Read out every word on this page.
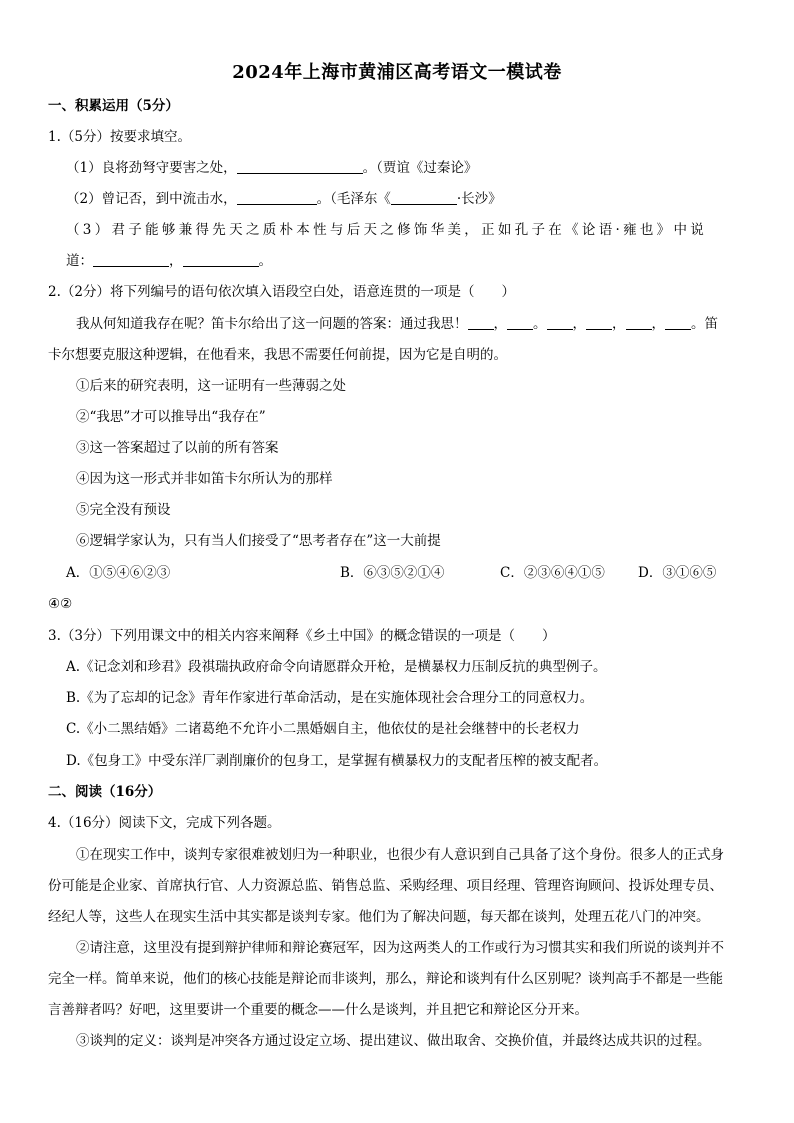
2024年上海市黄浦区高考语文一模试卷
一、积累运用（5分）
1.（5分）按要求填空。
（1）良将劲弩守要害之处，	。（贾谊《过秦论》
（2）曾记否，到中流击水，	。（毛泽东《	·长沙》
（3）君子能够兼得先天之质朴本性与后天之修饰华美，正如孔子在《论语·雍也》中说
道：	，	。
2.（2分）将下列编号的语句依次填入语段空白处，语意连贯的一项是（　　）
我从何知道我存在呢？笛卡尔给出了这一问题的答案：通过我思！ ， 。 ， ， ， 。笛
卡尔想要克服这种逻辑，在他看来，我思不需要任何前提，因为它是自明的。
①后来的研究表明，这一证明有一些薄弱之处
②“我思”才可以推导出“我存在”
③这一答案超过了以前的所有答案
④因为这一形式并非如笛卡尔所认为的那样
⑤完全没有预设
⑥逻辑学家认为，只有当人们接受了“思考者存在”这一大前提
A．①⑤④⑥②③	B．⑥③⑤②①④	C．②③⑥④①⑤ D．③①⑥⑤
④②
3.（3分）下列用课文中的相关内容来阐释《乡土中国》的概念错误的一项是（　　）
A.《记念刘和珍君》段祺瑞执政府命令向请愿群众开枪，是横暴权力压制反抗的典型例子。
B.《为了忘却的记念》青年作家进行革命活动，是在实施体现社会合理分工的同意权力。
C.《小二黑结婚》二诸葛绝不允许小二黑婚姻自主，他依仗的是社会继替中的长老权力
D.《包身工》中受东洋厂剥削廉价的包身工，是掌握有横暴权力的支配者压榨的被支配者。
二、阅读（16分）
4.（16分）阅读下文，完成下列各题。
①在现实工作中，谈判专家很难被划归为一种职业，也很少有人意识到自己具备了这个身份。很多人的正式身
份可能是企业家、首席执行官、人力资源总监、销售总监、采购经理、项目经理、管理咨询顾问、投诉处理专员、
经纪人等，这些人在现实生活中其实都是谈判专家。他们为了解决问题，每天都在谈判，处理五花八门的冲突。
②请注意，这里没有提到辩护律师和辩论赛冠军，因为这两类人的工作或行为习惯其实和我们所说的谈判并不
完全一样。简单来说，他们的核心技能是辩论而非谈判，那么，辩论和谈判有什么区别呢？谈判高手不都是一些能
言善辩者吗？好吧，这里要讲一个重要的概念——什么是谈判，并且把它和辩论区分开来。
③谈判的定义：谈判是冲突各方通过设定立场、提出建议、做出取舍、交换价值，并最终达成共识的过程。
